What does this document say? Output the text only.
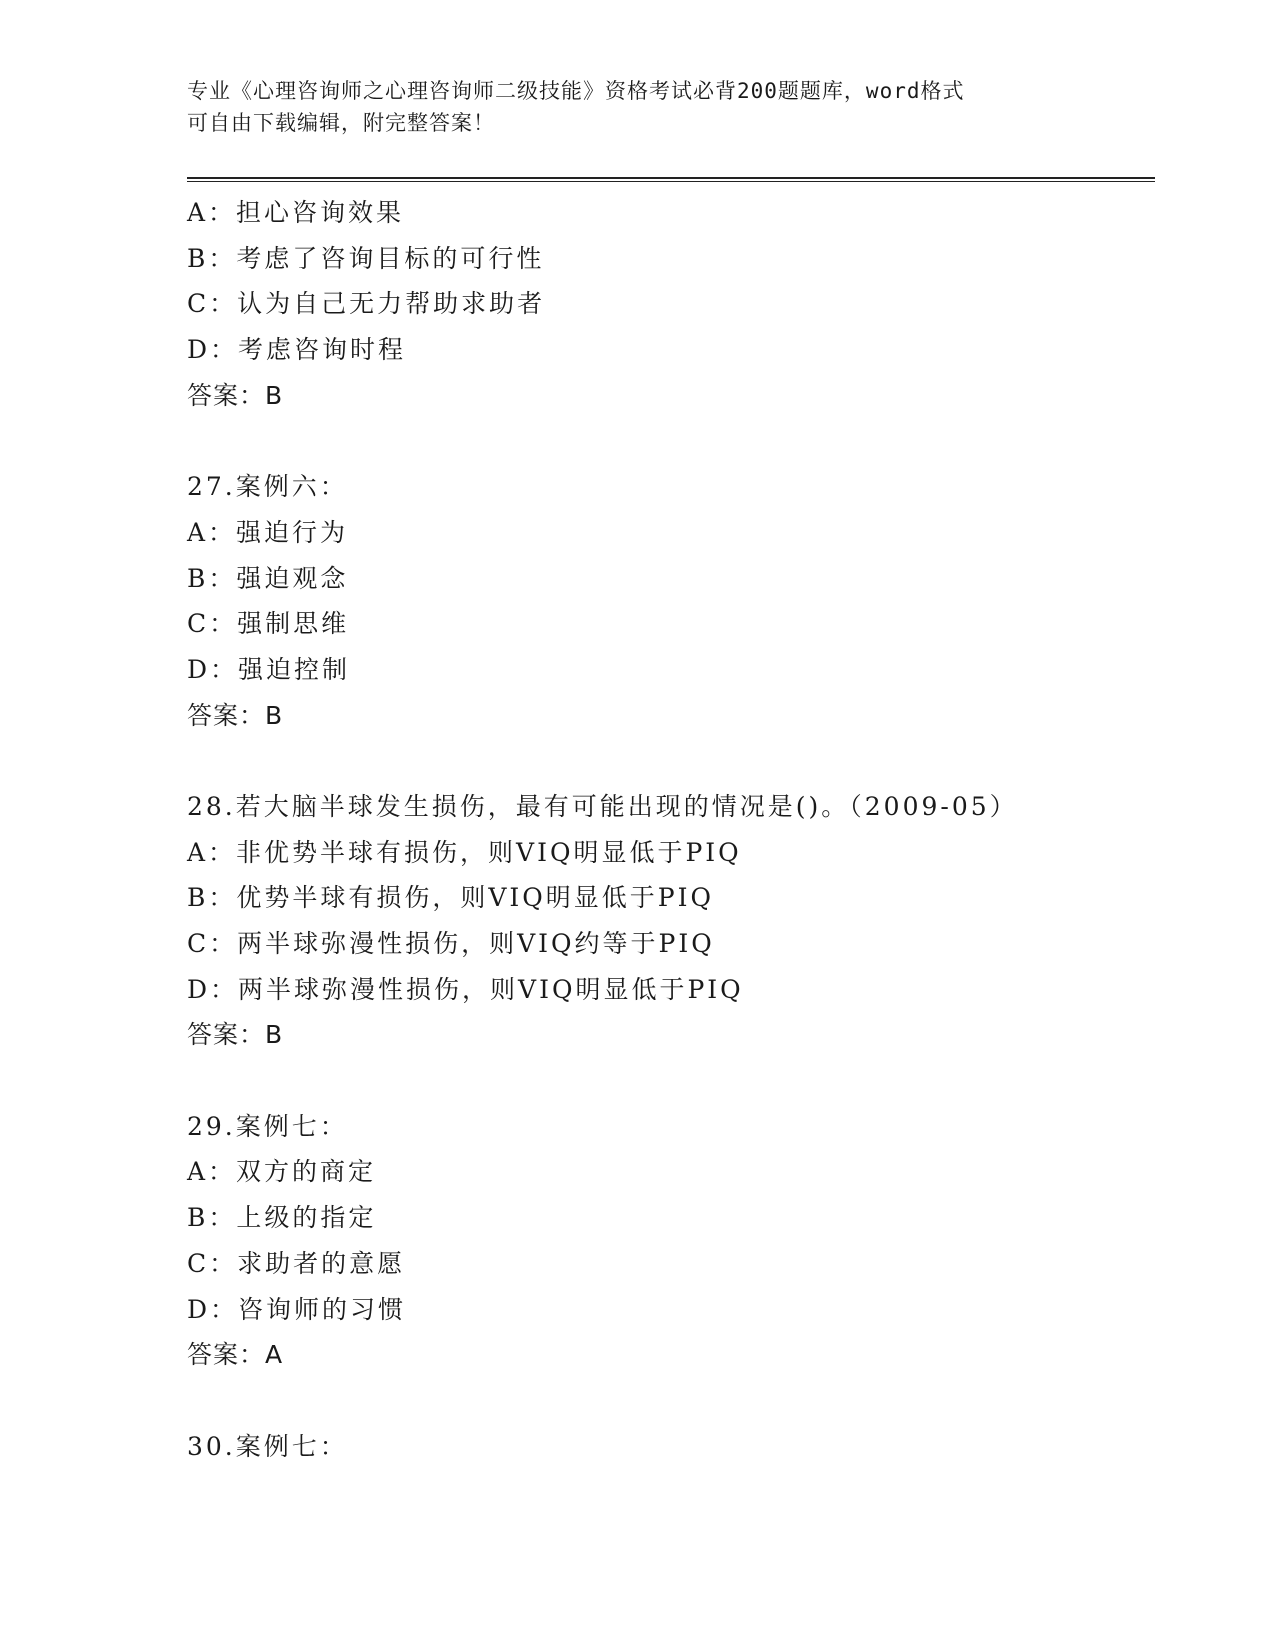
专业《心理咨询师之心理咨询师二级技能》资格考试必背200题题库，word格式
可自由下载编辑，附完整答案！
A：担心咨询效果
B：考虑了咨询目标的可行性
C：认为自己无力帮助求助者
D：考虑咨询时程
答案：B
27.案例六：
A：强迫行为
B：强迫观念
C：强制思维
D：强迫控制
答案：B
28.若大脑半球发生损伤，最有可能出现的情况是()。（2009-05）
A：非优势半球有损伤，则VIQ明显低于PIQ
B：优势半球有损伤，则VIQ明显低于PIQ
C：两半球弥漫性损伤，则VIQ约等于PIQ
D：两半球弥漫性损伤，则VIQ明显低于PIQ
答案：B
29.案例七：
A：双方的商定
B：上级的指定
C：求助者的意愿
D：咨询师的习惯
答案：A
30.案例七：
